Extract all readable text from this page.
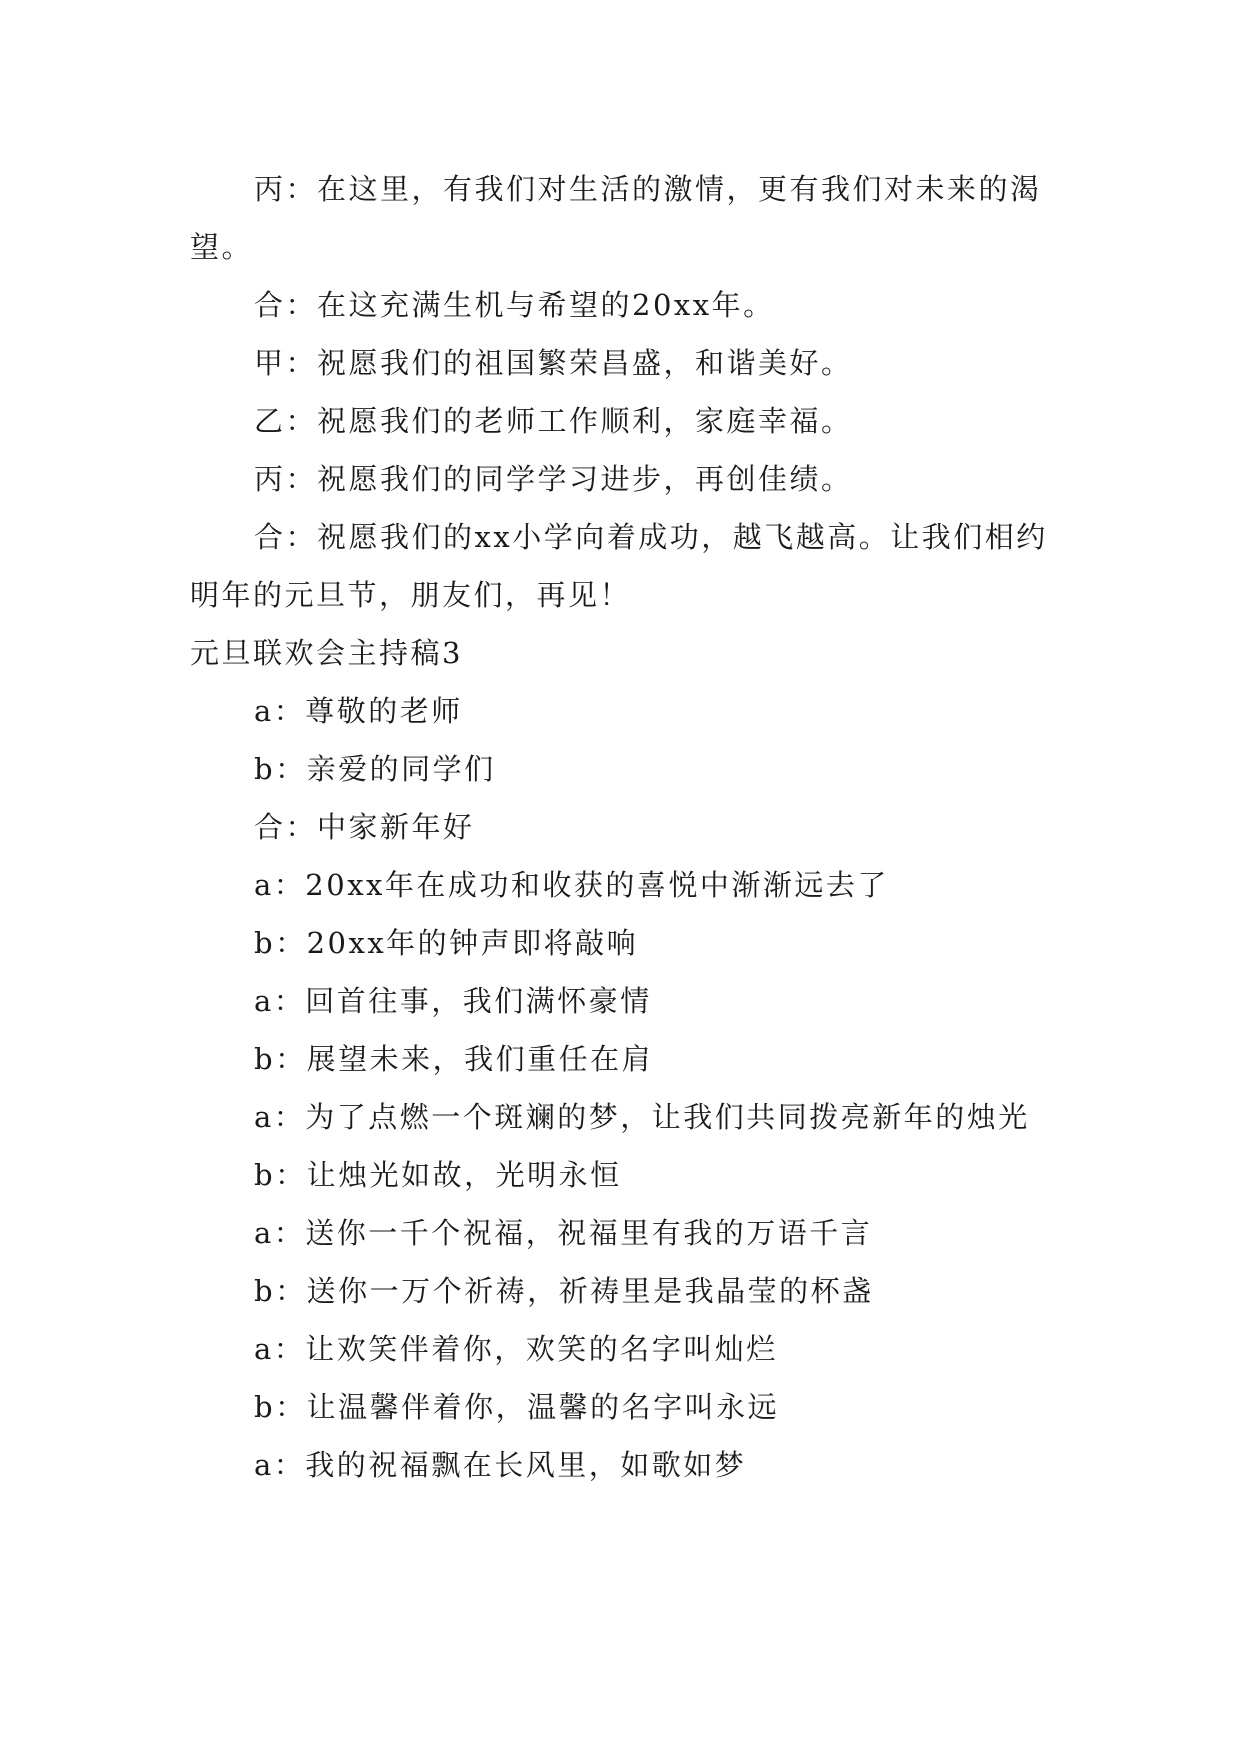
丙：在这里，有我们对生活的激情，更有我们对未来的渴望。

合：在这充满生机与希望的20xx年。

甲：祝愿我们的祖国繁荣昌盛，和谐美好。

乙：祝愿我们的老师工作顺利，家庭幸福。

丙：祝愿我们的同学学习进步，再创佳绩。

合：祝愿我们的xx小学向着成功，越飞越高。让我们相约明年的元旦节，朋友们，再见！

元旦联欢会主持稿3

a：尊敬的老师

b：亲爱的同学们

合：中家新年好

a：20xx年在成功和收获的喜悦中渐渐远去了

b：20xx年的钟声即将敲响

a：回首往事，我们满怀豪情

b：展望未来，我们重任在肩

a：为了点燃一个斑斓的梦，让我们共同拨亮新年的烛光

b：让烛光如故，光明永恒

a：送你一千个祝福，祝福里有我的万语千言

b：送你一万个祈祷，祈祷里是我晶莹的杯盏

a：让欢笑伴着你，欢笑的名字叫灿烂

b：让温馨伴着你，温馨的名字叫永远

a：我的祝福飘在长风里，如歌如梦
